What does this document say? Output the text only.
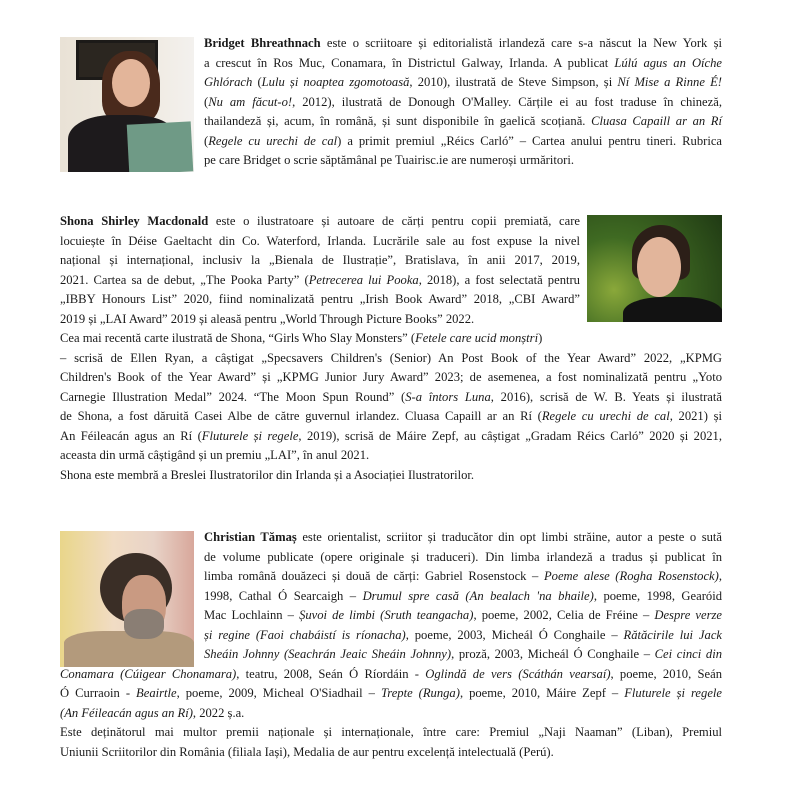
Bridget Bhreathnach este o scriitoare și editorialistă irlandeză care s-a născut la New York și
a crescut în Ros Muc, Conamara, în Districtul Galway, Irlanda. A publicat Lúlú agus an Oíche
Ghlórach (Lulu și noaptea zgomotoasă, 2010), ilustrată de Steve Simpson, și Ní Mise a Rinne É!
(Nu am făcut-o!, 2012), ilustrată de Donough O'Malley. Cărțile ei au fost traduse în chineză,
thailandeză și, acum, în română, și sunt disponibile în gaelică scoțiană. Cluasa Capaill ar an Rí
(Regele cu urechi de cal) a primit premiul „Réics Carló” – Cartea anului pentru tineri. Rubrica
pe care Bridget o scrie săptămânal pe Tuairisc.ie are numeroși urmăritori.
Shona Shirley Macdonald este o ilustratoare și autoare de cărți pentru copii premiată, care
locuiește în Déise Gaeltacht din Co. Waterford, Irlanda. Lucrările sale au fost expuse la nivel
național și internațional, inclusiv la „Bienala de Ilustrație”, Bratislava, în anii 2017, 2019,
2021. Cartea sa de debut, „The Pooka Party” (Petrecerea lui Pooka, 2018), a fost selectată pentru
„IBBY Honours List” 2020, fiind nominalizată pentru „Irish Book Award” 2018, „CBI Award”
2019 și „LAI Award” 2019 și aleasă pentru „World Through Picture Books” 2022.
Cea mai recentă carte ilustrată de Shona, “Girls Who Slay Monsters” (Fetele care ucid monștri)
– scrisă de Ellen Ryan, a câștigat „Specsavers Children's (Senior) An Post Book of the Year Award” 2022, „KPMG
Children's Book of the Year Award” și „KPMG Junior Jury Award” 2023; de asemenea, a fost nominalizată pentru „Yoto
Carnegie Illustration Medal” 2024. “The Moon Spun Round” (S-a întors Luna, 2016), scrisă de W. B. Yeats și ilustrată
de Shona, a fost dăruită Casei Albe de către guvernul irlandez. Cluasa Capaill ar an Rí (Regele cu urechi de cal, 2021) și
An Féileacán agus an Rí (Fluturele și regele, 2019), scrisă de Máire Zepf, au câștigat „Gradam Réics Carló” 2020 și 2021,
aceasta din urmă câștigând și un premiu „LAI”, în anul 2021.
Shona este membră a Breslei Ilustratorilor din Irlanda și a Asociației Ilustratorilor.
Christian Tămaș este orientalist, scriitor și traducător din opt limbi străine, autor a peste o sută
de volume publicate (opere originale și traduceri). Din limba irlandeză a tradus și publicat în
limba română douăzeci și două de cărți: Gabriel Rosenstock – Poeme alese (Rogha Rosenstock),
1998, Cathal Ó Searcaigh – Drumul spre casă (An bealach 'na bhaile), poeme, 1998, Gearóid
Mac Lochlainn – Șuvoi de limbi (Sruth teangacha), poeme, 2002, Celia de Fréine – Despre verze
și regine (Faoi chabáistí is ríonacha), poeme, 2003, Micheál Ó Conghaile – Rătăcirile lui Jack
Sheáin Johnny (Seachrán Jeaic Sheáin Johnny), proză, 2003, Micheál Ó Conghaile – Cei cinci din
Conamara (Cúigear Chonamara), teatru, 2008, Seán Ó Ríordáin - Oglindă de vers (Scáthán vearsaí), poeme, 2010, Seán
Ó Curraoin - Beairtle, poeme, 2009, Micheal O'Siadhail – Trepte (Runga), poeme, 2010, Máire Zepf – Fluturele și regele
(An Féileacán agus an Rí), 2022 ș.a.
Este deținătorul mai multor premii naționale și internaționale, între care: Premiul „Naji Naaman” (Liban), Premiul
Uniunii Scriitorilor din România (filiala Iași), Medalia de aur pentru excelență intelectuală (Perú).
